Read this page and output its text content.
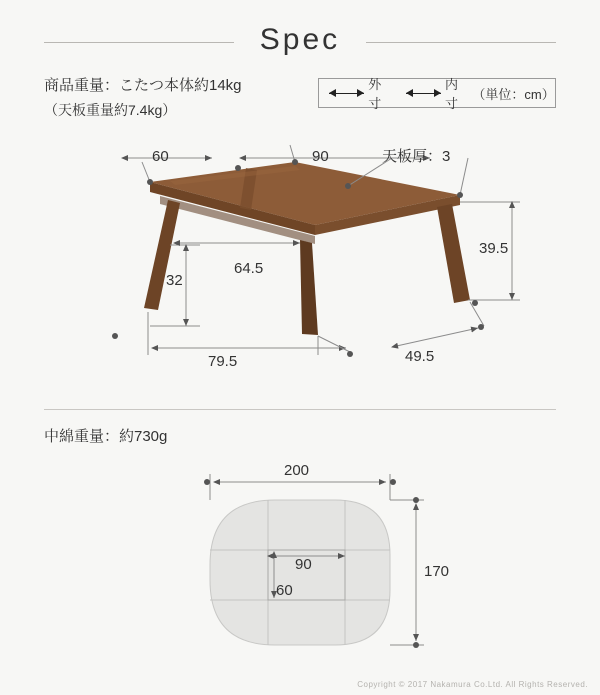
Spec
商品重量：こたつ本体約14kg
（天板重量約7.4kg）
外寸
内寸
（単位：cm）
60	90	天板厚：3
39.5
32
64.5
79.5	49.5
中綿重量：約730g
200
170
90
60
Copyright © 2017 Nakamura Co.Ltd. All Rights Reserved.
